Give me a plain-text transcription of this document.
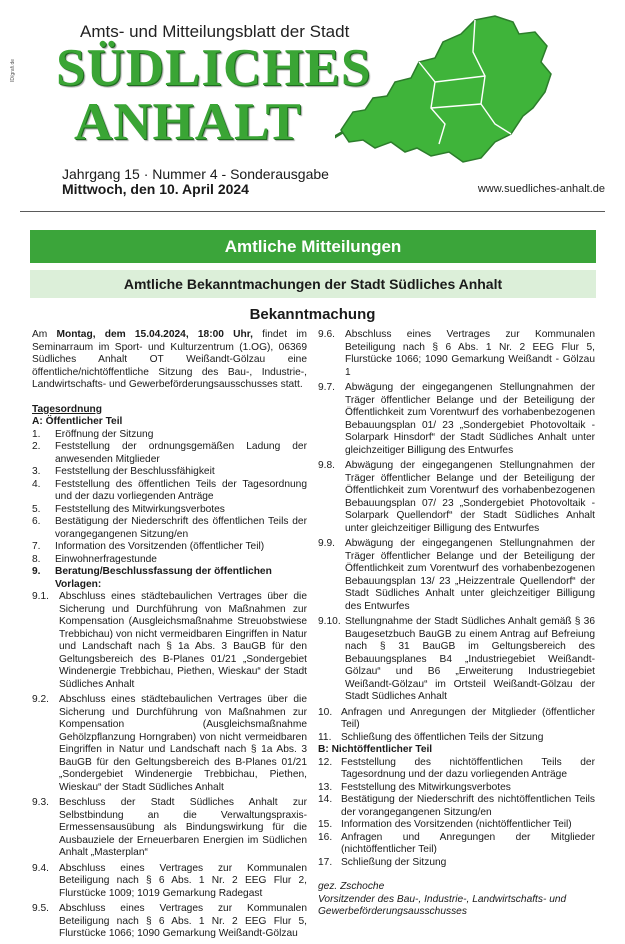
ID/grafi.de
Amts- und Mitteilungsblatt der Stadt
SÜDLICHES
ANHALT
Jahrgang 15 · Nummer 4 - Sonderausgabe
Mittwoch, den 10. April 2024	www.suedliches-anhalt.de
Amtliche Mitteilungen
Amtliche Bekanntmachungen der Stadt Südliches Anhalt
Bekanntmachung
Am Montag, dem 15.04.2024, 18:00 Uhr, findet im Seminarraum im Sport- und Kulturzentrum (1.OG), 06369 Südliches Anhalt OT Weißandt-Gölzau eine öffentliche/nichtöffentliche Sitzung des Bau-, Industrie-, Landwirtschafts- und Gewerbeförderungsausschusses statt.
Tagesordnung
A: Öffentlicher Teil
1.	Eröffnung der Sitzung
2.	Feststellung der ordnungsgemäßen Ladung der anwesenden Mitglieder
3.	Feststellung der Beschlussfähigkeit
4.	Feststellung des öffentlichen Teils der Tagesordnung und der dazu vorliegenden Anträge
5.	Feststellung des Mitwirkungsverbotes
6.	Bestätigung der Niederschrift des öffentlichen Teils der vorangegangenen Sitzung/en
7.	Information des Vorsitzenden (öffentlicher Teil)
8.	Einwohnerfragestunde
9.	Beratung/Beschlussfassung der öffentlichen Vorlagen:
9.1. Abschluss eines städtebaulichen Vertrages über die Sicherung und Durchführung von Maßnahmen zur Kompensation (Ausgleichsmaßnahme Streuobstwiese Trebbichau) von nicht vermeidbaren Eingriffen in Natur und Landschaft nach § 1a Abs. 3 BauGB für den Geltungsbereich des B-Planes 01/21 „Sondergebiet Windenergie Trebbichau, Piethen, Wieskau“ der Stadt Südliches Anhalt
9.2. Abschluss eines städtebaulichen Vertrages über die Sicherung und Durchführung von Maßnahmen zur Kompensation (Ausgleichsmaßnahme Gehölzpflanzung Horngraben) von nicht vermeidbaren Eingriffen in Natur und Landschaft nach § 1a Abs. 3 BauGB für den Geltungsbereich des B-Planes 01/21 „Sondergebiet Windenergie Trebbichau, Piethen, Wieskau“ der Stadt Südliches Anhalt
9.3. Beschluss der Stadt Südliches Anhalt zur Selbstbindung an die Verwaltungspraxis- Ermessensausübung als Bindungswirkung für die Ausbauziele der Erneuerbaren Energien im Südlichen Anhalt „Masterplan“
9.4. Abschluss eines Vertrages zur Kommunalen Beteiligung nach § 6 Abs. 1 Nr. 2 EEG Flur 2, Flurstücke 1009; 1019 Gemarkung Radegast
9.5. Abschluss eines Vertrages zur Kommunalen Beteiligung nach § 6 Abs. 1 Nr. 2 EEG Flur 5, Flurstücke 1066; 1090 Gemarkung Weißandt-Gölzau
9.6. Abschluss eines Vertrages zur Kommunalen Beteiligung nach § 6 Abs. 1 Nr. 2 EEG Flur 5, Flurstücke 1066; 1090 Gemarkung Weißandt - Gölzau 1
9.7. Abwägung der eingegangenen Stellungnahmen der Träger öffentlicher Belange und der Beteiligung der Öffentlichkeit zum Vorentwurf des vorhabenbezogenen Bebauungsplan 01/ 23 „Sondergebiet Photovoltaik - Solarpark Hinsdorf“ der Stadt Südliches Anhalt unter gleichzeitiger Billigung des Entwurfes
9.8. Abwägung der eingegangenen Stellungnahmen der Träger öffentlicher Belange und der Beteiligung der Öffentlichkeit zum Vorentwurf des vorhabenbezogenen Bebauungsplan 07/ 23 „Sondergebiet Photovoltaik - Solarpark Quellendorf“ der Stadt Südliches Anhalt unter gleichzeitiger Billigung des Entwurfes
9.9. Abwägung der eingegangenen Stellungnahmen der Träger öffentlicher Belange und der Beteiligung der Öffentlichkeit zum Vorentwurf des vorhabenbezogenen Bebauungsplan 13/ 23 „Heizzentrale Quellendorf“ der Stadt Südliches Anhalt unter gleichzeitiger Billigung des Entwurfes
9.10. Stellungnahme der Stadt Südliches Anhalt gemäß § 36 Baugesetzbuch BauGB zu einem Antrag auf Befreiung nach § 31 BauGB im Geltungsbereich des Bebauungsplanes B4 „Industriegebiet Weißandt-Gölzau“ und B6 „Erweiterung Industriegebiet Weißandt-Gölzau“ im Ortsteil Weißandt-Gölzau der Stadt Südliches Anhalt
10. Anfragen und Anregungen der Mitglieder (öffentlicher Teil)
11. Schließung des öffentlichen Teils der Sitzung
B: Nichtöffentlicher Teil
12. Feststellung des nichtöffentlichen Teils der Tagesordnung und der dazu vorliegenden Anträge
13. Feststellung des Mitwirkungsverbotes
14. Bestätigung der Niederschrift des nichtöffentlichen Teils der vorangegangenen Sitzung/en
15. Information des Vorsitzenden (nichtöffentlicher Teil)
16. Anfragen und Anregungen der Mitglieder (nichtöffentlicher Teil)
17. Schließung der Sitzung
gez. Zschoche
Vorsitzender des Bau-, Industrie-, Landwirtschafts- und Gewerbeförderungsausschusses
